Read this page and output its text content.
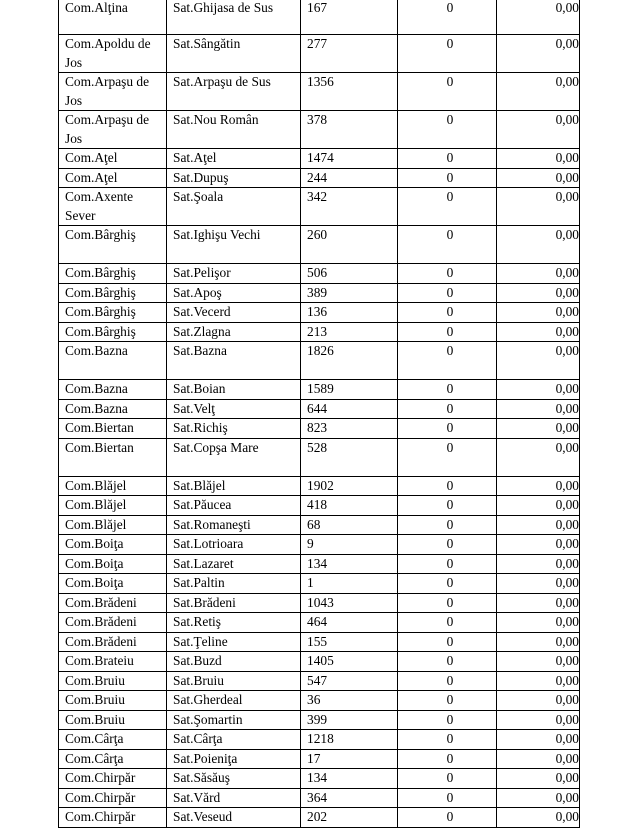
Com.Alţina	Sat.Ghijasa de Sus	167	0	0,00
Com.Apoldu de Jos	Sat.Sângătin	277	0	0,00
Com.Arpaşu de Jos	Sat.Arpaşu de Sus	1356	0	0,00
Com.Arpaşu de Jos	Sat.Nou Român	378	0	0,00
Com.Aţel	Sat.Aţel	1474	0	0,00
Com.Aţel	Sat.Dupuş	244	0	0,00
Com.Axente Sever	Sat.Şoala	342	0	0,00
Com.Bârghiş	Sat.Ighişu Vechi	260	0	0,00
Com.Bârghiş	Sat.Pelişor	506	0	0,00
Com.Bârghiş	Sat.Apoş	389	0	0,00
Com.Bârghiş	Sat.Vecerd	136	0	0,00
Com.Bârghiş	Sat.Zlagna	213	0	0,00
Com.Bazna	Sat.Bazna	1826	0	0,00
Com.Bazna	Sat.Boian	1589	0	0,00
Com.Bazna	Sat.Velţ	644	0	0,00
Com.Biertan	Sat.Richiş	823	0	0,00
Com.Biertan	Sat.Copşa Mare	528	0	0,00
Com.Blăjel	Sat.Blăjel	1902	0	0,00
Com.Blăjel	Sat.Păucea	418	0	0,00
Com.Blăjel	Sat.Romaneşti	68	0	0,00
Com.Boiţa	Sat.Lotrioara	9	0	0,00
Com.Boiţa	Sat.Lazaret	134	0	0,00
Com.Boiţa	Sat.Paltin	1	0	0,00
Com.Brădeni	Sat.Brădeni	1043	0	0,00
Com.Brădeni	Sat.Retiş	464	0	0,00
Com.Brădeni	Sat.Ţeline	155	0	0,00
Com.Brateiu	Sat.Buzd	1405	0	0,00
Com.Bruiu	Sat.Bruiu	547	0	0,00
Com.Bruiu	Sat.Gherdeal	36	0	0,00
Com.Bruiu	Sat.Şomartin	399	0	0,00
Com.Cârţa	Sat.Cârţa	1218	0	0,00
Com.Cârţa	Sat.Poieniţa	17	0	0,00
Com.Chirpăr	Sat.Săsăuş	134	0	0,00
Com.Chirpăr	Sat.Vărd	364	0	0,00
Com.Chirpăr	Sat.Veseud	202	0	0,00
